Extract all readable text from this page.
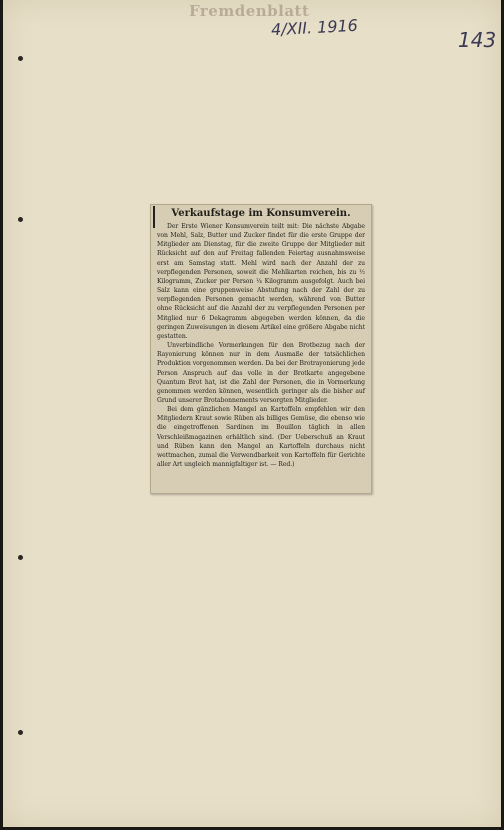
Fremdenblatt
4/XII. 1916
143
Verkaufstage im Konsumverein.

Der Erste Wiener Konsumverein teilt mit: Die nächste Abgabe von Mehl, Salz, Butter und Zucker findet für die erste Gruppe der Mitglieder am Dienstag, für die zweite Gruppe der Mitglieder mit Rücksicht auf den auf Freitag fallenden Feiertag ausnahmsweise erst am Samstag statt. Mehl wird nach der Anzahl der zu verpflegenden Personen, soweit die Mehlkarten reichen, bis zu ½ Kilogramm, Zucker per Person ¼ Kilogramm ausgefolgt. Auch bei Salz kann eine gruppenweise Abstufung nach der Zahl der zu verpflegenden Personen gemacht werden, während von Butter ohne Rücksicht auf die Anzahl der zu verpflegenden Personen per Mitglied nur 6 Dekagramm abgegeben werden können, da die geringen Zuweisungen in diesem Artikel eine größere Abgabe nicht gestatten.

Unverbindliche Vormerkungen für den Brotbezug nach der Rayonierung können nur in dem Ausmaße der tatsächlichen Produktion vorgenommen werden. Da bei der Brotrayonierung jede Person Anspruch auf das volle in der Brotkarte angegebene Quantum Brot hat, ist die Zahl der Personen, die in Vormerkung genommen werden können, wesentlich geringer als die bisher auf Grund unserer Brotabonnements versorgten Mitglieder.

Bei dem gänzlichen Mangel an Kartoffeln empfehlen wir den Mitgliedern Kraut sowie Rüben als billiges Gemüse, die ebenso wie die eingetroffenen Sardinen im Bouillon täglich in allen Verschleißmagazinen erhältlich sind. (Der Ueberschuß an Kraut und Rüben kann den Mangel an Kartoffeln durchaus nicht wettmachen, zumal die Verwendbarkeit von Kartoffeln für Gerichte aller Art ungleich mannigfaltiger ist. — Red.)
